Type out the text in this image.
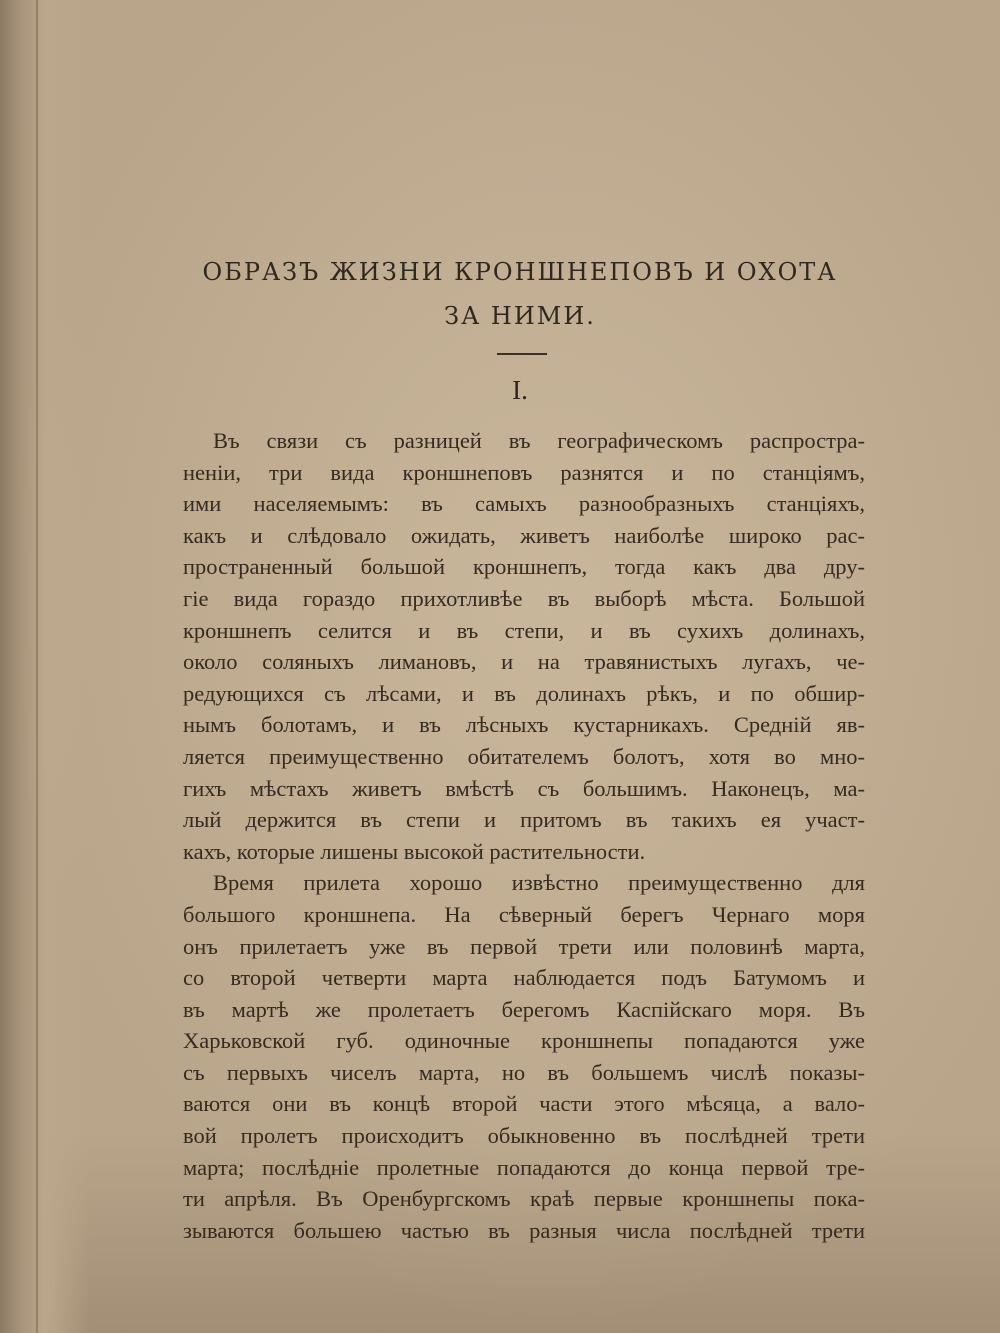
ОБРАЗЪ ЖИЗНИ КРОНШНЕПОВЪ И ОХОТА
ЗА НИМИ.
I.
Въ связи съ разницей въ географическомъ распростра-
неніи, три вида кроншнеповъ разнятся и по станціямъ,
ими населяемымъ: въ самыхъ разнообразныхъ станціяхъ,
какъ и слѣдовало ожидать, живетъ наиболѣе широко рас-
пространенный большой кроншнепъ, тогда какъ два дру-
гіе вида гораздо прихотливѣе въ выборѣ мѣста. Большой
кроншнепъ селится и въ степи, и въ сухихъ долинахъ,
около соляныхъ лимановъ, и на травянистыхъ лугахъ, че-
редующихся съ лѣсами, и въ долинахъ рѣкъ, и по обшир-
нымъ болотамъ, и въ лѣсныхъ кустарникахъ. Средній яв-
ляется преимущественно обитателемъ болотъ, хотя во мно-
гихъ мѣстахъ живетъ вмѣстѣ съ большимъ. Наконецъ, ма-
лый держится въ степи и притомъ въ такихъ ея участ-
кахъ, которые лишены высокой растительности.
Время прилета хорошо извѣстно преимущественно для
большого кроншнепа. На сѣверный берегъ Чернаго моря
онъ прилетаетъ уже въ первой трети или половинѣ марта,
со второй четверти марта наблюдается подъ Батумомъ и
въ мартѣ же пролетаетъ берегомъ Каспійскаго моря. Въ
Харьковской губ. одиночные кроншнепы попадаются уже
съ первыхъ чиселъ марта, но въ большемъ числѣ показы-
ваются они въ концѣ второй части этого мѣсяца, а вало-
вой пролетъ происходитъ обыкновенно въ послѣдней трети
марта; послѣдніе пролетные попадаются до конца первой тре-
ти апрѣля. Въ Оренбургскомъ краѣ первые кроншнепы пока-
зываются большею частью въ разныя числа послѣдней трети
